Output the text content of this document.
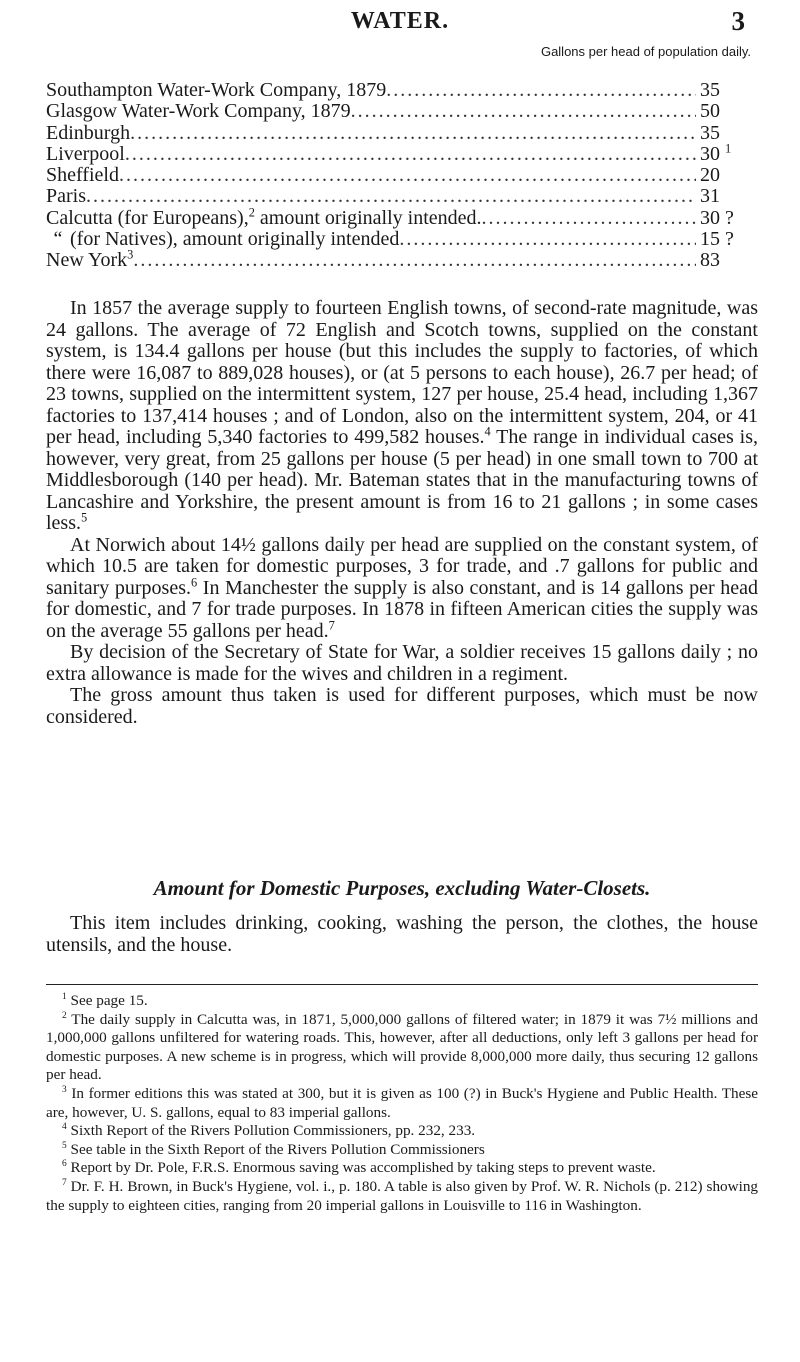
WATER.	3
Gallons per head of population daily.
Southampton Water-Work Company, 1879 .....	35
Glasgow Water-Work Company, 1879 .....	50
Edinburgh .....	35
Liverpool .....	30 $^1$
Sheffield .....	20
Paris .....	31
Calcutta (for Europeans),$^2$ amount originally intended. .....	30 ?
“ (for Natives), amount originally intended .....	15 ?
New York$^3$ .....	83

In 1857 the average supply to fourteen English towns, of second-rate magnitude, was 24 gallons. The average of 72 English and Scotch towns, supplied on the constant system, is 134.4 gallons per house (but this includes the supply to factories, of which there were 16,087 to 889,028 houses), or (at 5 persons to each house), 26.7 per head; of 23 towns, supplied on the intermittent system, 127 per house, 25.4 head, including 1,367 factories to 137,414 houses ; and of London, also on the intermittent system, 204, or 41 per head, including 5,340 factories to 499,582 houses.$^4$ The range in individual cases is, however, very great, from 25 gallons per house (5 per head) in one small town to 700 at Middlesborough (140 per head). Mr. Bateman states that in the manufacturing towns of Lancashire and Yorkshire, the present amount is from 16 to 21 gallons ; in some cases less.$^5$

At Norwich about 14½ gallons daily per head are supplied on the constant system, of which 10.5 are taken for domestic purposes, 3 for trade, and .7 gallons for public and sanitary purposes.$^6$ In Manchester the supply is also constant, and is 14 gallons per head for domestic, and 7 for trade purposes. In 1878 in fifteen American cities the supply was on the average 55 gallons per head.$^7$

By decision of the Secretary of State for War, a soldier receives 15 gallons daily ; no extra allowance is made for the wives and children in a regiment.

The gross amount thus taken is used for different purposes, which must be now considered.

Amount for Domestic Purposes, excluding Water-Closets.

This item includes drinking, cooking, washing the person, the clothes, the house utensils, and the house.

$^1$ See page 15.

$^2$ The daily supply in Calcutta was, in 1871, 5,000,000 gallons of filtered water; in 1879 it was 7½ millions and 1,000,000 gallons unfiltered for watering roads. This, however, after all deductions, only left 3 gallons per head for domestic purposes. A new scheme is in progress, which will provide 8,000,000 more daily, thus securing 12 gallons per head.

$^3$ In former editions this was stated at 300, but it is given as 100 (?) in Buck's Hygiene and Public Health. These are, however, U. S. gallons, equal to 83 imperial gallons.

$^4$ Sixth Report of the Rivers Pollution Commissioners, pp. 232, 233.

$^5$ See table in the Sixth Report of the Rivers Pollution Commissioners

$^6$ Report by Dr. Pole, F.R.S. Enormous saving was accomplished by taking steps to prevent waste.

$^7$ Dr. F. H. Brown, in Buck's Hygiene, vol. i., p. 180. A table is also given by Prof. W. R. Nichols (p. 212) showing the supply to eighteen cities, ranging from 20 imperial gallons in Louisville to 116 in Washington.
